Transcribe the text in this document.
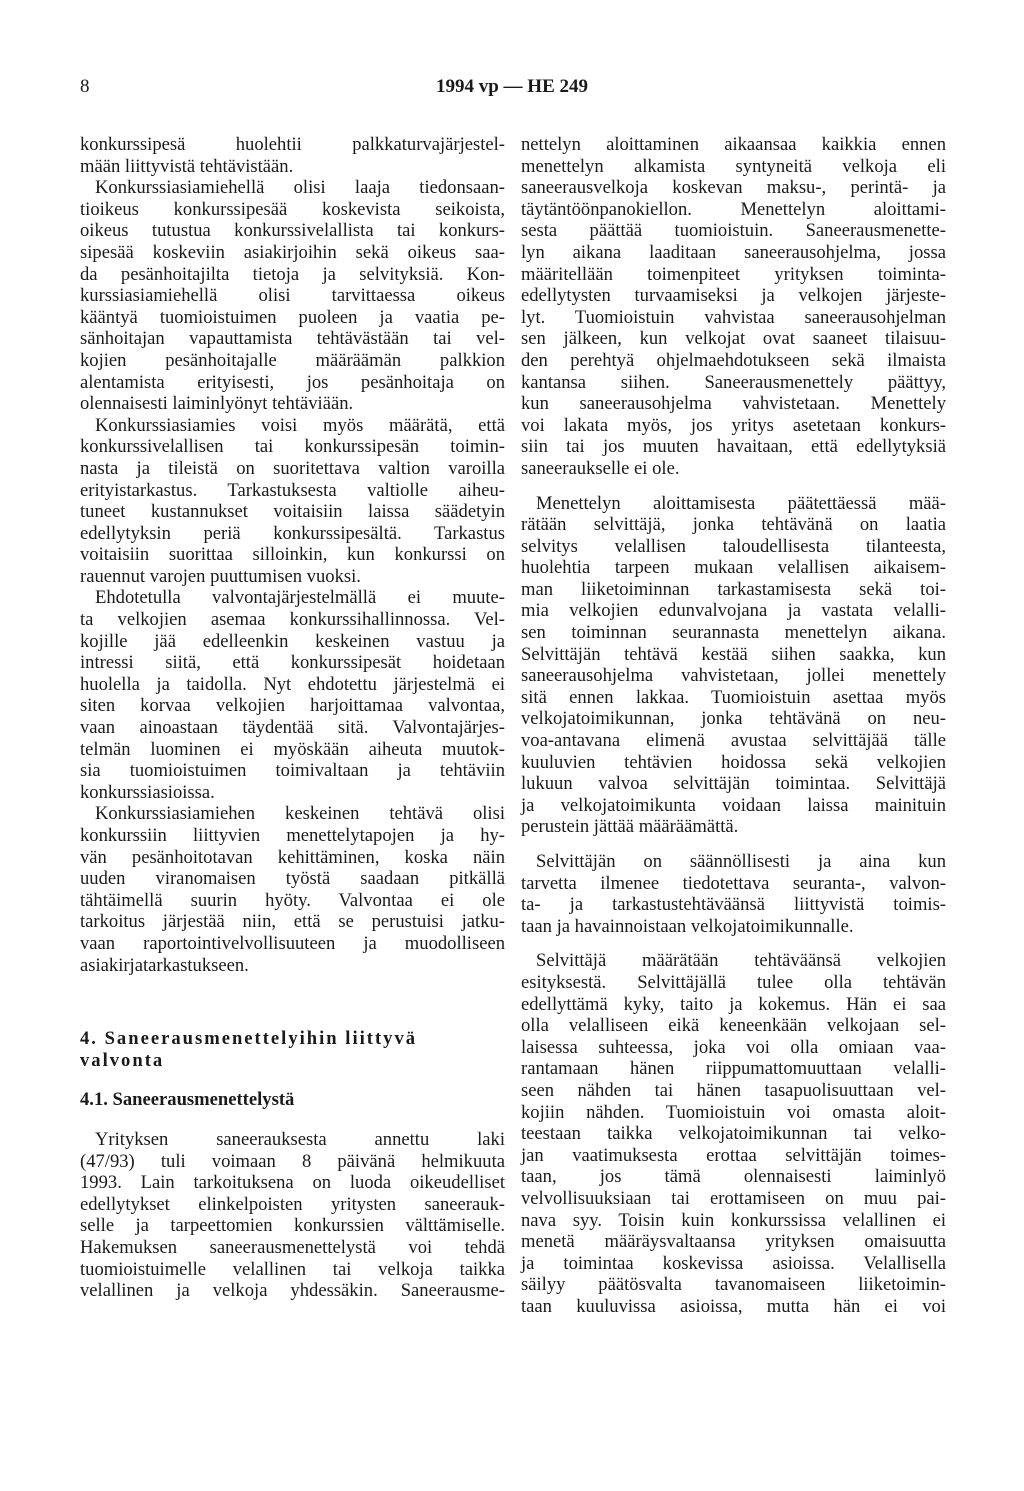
8	1994 vp — HE 249
konkurssipesä huolehtii palkkaturvajärjestel-
mään liittyvistä tehtävistään.
Konkurssiasiamiehellä olisi laaja tiedonsaan-
tioikeus konkurssipesää koskevista seikoista,
oikeus tutustua konkurssivelallista tai konkurs-
sipesää koskeviin asiakirjoihin sekä oikeus saa-
da pesänhoitajilta tietoja ja selvityksiä. Kon-
kurssiasiamiehellä olisi tarvittaessa oikeus
kääntyä tuomioistuimen puoleen ja vaatia pe-
sänhoitajan vapauttamista tehtävästään tai vel-
kojien pesänhoitajalle määräämän palkkion
alentamista erityisesti, jos pesänhoitaja on
olennaisesti laiminlyönyt tehtäviään.
Konkurssiasiamies voisi myös määrätä, että
konkurssivelallisen tai konkurssipesän toimin-
nasta ja tileistä on suoritettava valtion varoilla
erityistarkastus. Tarkastuksesta valtiolle aiheu-
tuneet kustannukset voitaisiin laissa säädetyin
edellytyksin periä konkurssipesältä. Tarkastus
voitaisiin suorittaa silloinkin, kun konkurssi on
rauennut varojen puuttumisen vuoksi.
Ehdotetulla valvontajärjestelmällä ei muute-
ta velkojien asemaa konkurssihallinnossa. Vel-
kojille jää edelleenkin keskeinen vastuu ja
intressi siitä, että konkurssipesät hoidetaan
huolella ja taidolla. Nyt ehdotettu järjestelmä ei
siten korvaa velkojien harjoittamaa valvontaa,
vaan ainoastaan täydentää sitä. Valvontajärjes-
telmän luominen ei myöskään aiheuta muutok-
sia tuomioistuimen toimivaltaan ja tehtäviin
konkurssiasioissa.
Konkurssiasiamiehen keskeinen tehtävä olisi
konkurssiin liittyvien menettelytapojen ja hy-
vän pesänhoitotavan kehittäminen, koska näin
uuden viranomaisen työstä saadaan pitkällä
tähtäimellä suurin hyöty. Valvontaa ei ole
tarkoitus järjestää niin, että se perustuisi jatku-
vaan raportointivelvollisuuteen ja muodolliseen
asiakirjatarkastukseen.
4. Saneerausmenettelyihin liittyvä
valvonta
4.1. Saneerausmenettelystä
Yrityksen saneerauksesta annettu laki
(47/93) tuli voimaan 8 päivänä helmikuuta
1993. Lain tarkoituksena on luoda oikeudelliset
edellytykset elinkelpoisten yritysten saneerauk-
selle ja tarpeettomien konkurssien välttämiselle.
Hakemuksen saneerausmenettelystä voi tehdä
tuomioistuimelle velallinen tai velkoja taikka
velallinen ja velkoja yhdessäkin. Saneerausme-
nettelyn aloittaminen aikaansaa kaikkia ennen
menettelyn alkamista syntyneitä velkoja eli
saneerausvelkoja koskevan maksu-, perintä- ja
täytäntöönpanokiellon. Menettelyn aloittami-
sesta päättää tuomioistuin. Saneerausmenette-
lyn aikana laaditaan saneerausohjelma, jossa
määritellään toimenpiteet yrityksen toiminta-
edellytysten turvaamiseksi ja velkojen järjeste-
lyt. Tuomioistuin vahvistaa saneerausohjelman
sen jälkeen, kun velkojat ovat saaneet tilaisuu-
den perehtyä ohjelmaehdotukseen sekä ilmaista
kantansa siihen. Saneerausmenettely päättyy,
kun saneerausohjelma vahvistetaan. Menettely
voi lakata myös, jos yritys asetetaan konkurs-
siin tai jos muuten havaitaan, että edellytyksiä
saneeraukselle ei ole.
Menettelyn aloittamisesta päätettäessä mää-
rätään selvittäjä, jonka tehtävänä on laatia
selvitys velallisen taloudellisesta tilanteesta,
huolehtia tarpeen mukaan velallisen aikaisem-
man liiketoiminnan tarkastamisesta sekä toi-
mia velkojien edunvalvojana ja vastata velalli-
sen toiminnan seurannasta menettelyn aikana.
Selvittäjän tehtävä kestää siihen saakka, kun
saneerausohjelma vahvistetaan, jollei menettely
sitä ennen lakkaa. Tuomioistuin asettaa myös
velkojatoimikunnan, jonka tehtävänä on neu-
voa-antavana elimenä avustaa selvittäjää tälle
kuuluvien tehtävien hoidossa sekä velkojien
lukuun valvoa selvittäjän toimintaa. Selvittäjä
ja velkojatoimikunta voidaan laissa mainituin
perustein jättää määräämättä.
Selvittäjän on säännöllisesti ja aina kun
tarvetta ilmenee tiedotettava seuranta-, valvon-
ta- ja tarkastustehtäväänsä liittyvistä toimis-
taan ja havainnoistaan velkojatoimikunnalle.
Selvittäjä määrätään tehtäväänsä velkojien
esityksestä. Selvittäjällä tulee olla tehtävän
edellyttämä kyky, taito ja kokemus. Hän ei saa
olla velalliseen eikä keneenkään velkojaan sel-
laisessa suhteessa, joka voi olla omiaan vaa-
rantamaan hänen riippumattomuuttaan velalli-
seen nähden tai hänen tasapuolisuuttaan vel-
kojiin nähden. Tuomioistuin voi omasta aloit-
teestaan taikka velkojatoimikunnan tai velko-
jan vaatimuksesta erottaa selvittäjän toimes-
taan, jos tämä olennaisesti laiminlyö
velvollisuuksiaan tai erottamiseen on muu pai-
nava syy. Toisin kuin konkurssissa velallinen ei
menetä määräysvaltaansa yrityksen omaisuutta
ja toimintaa koskevissa asioissa. Velallisella
säilyy päätösvalta tavanomaiseen liiketoimin-
taan kuuluvissa asioissa, mutta hän ei voi
